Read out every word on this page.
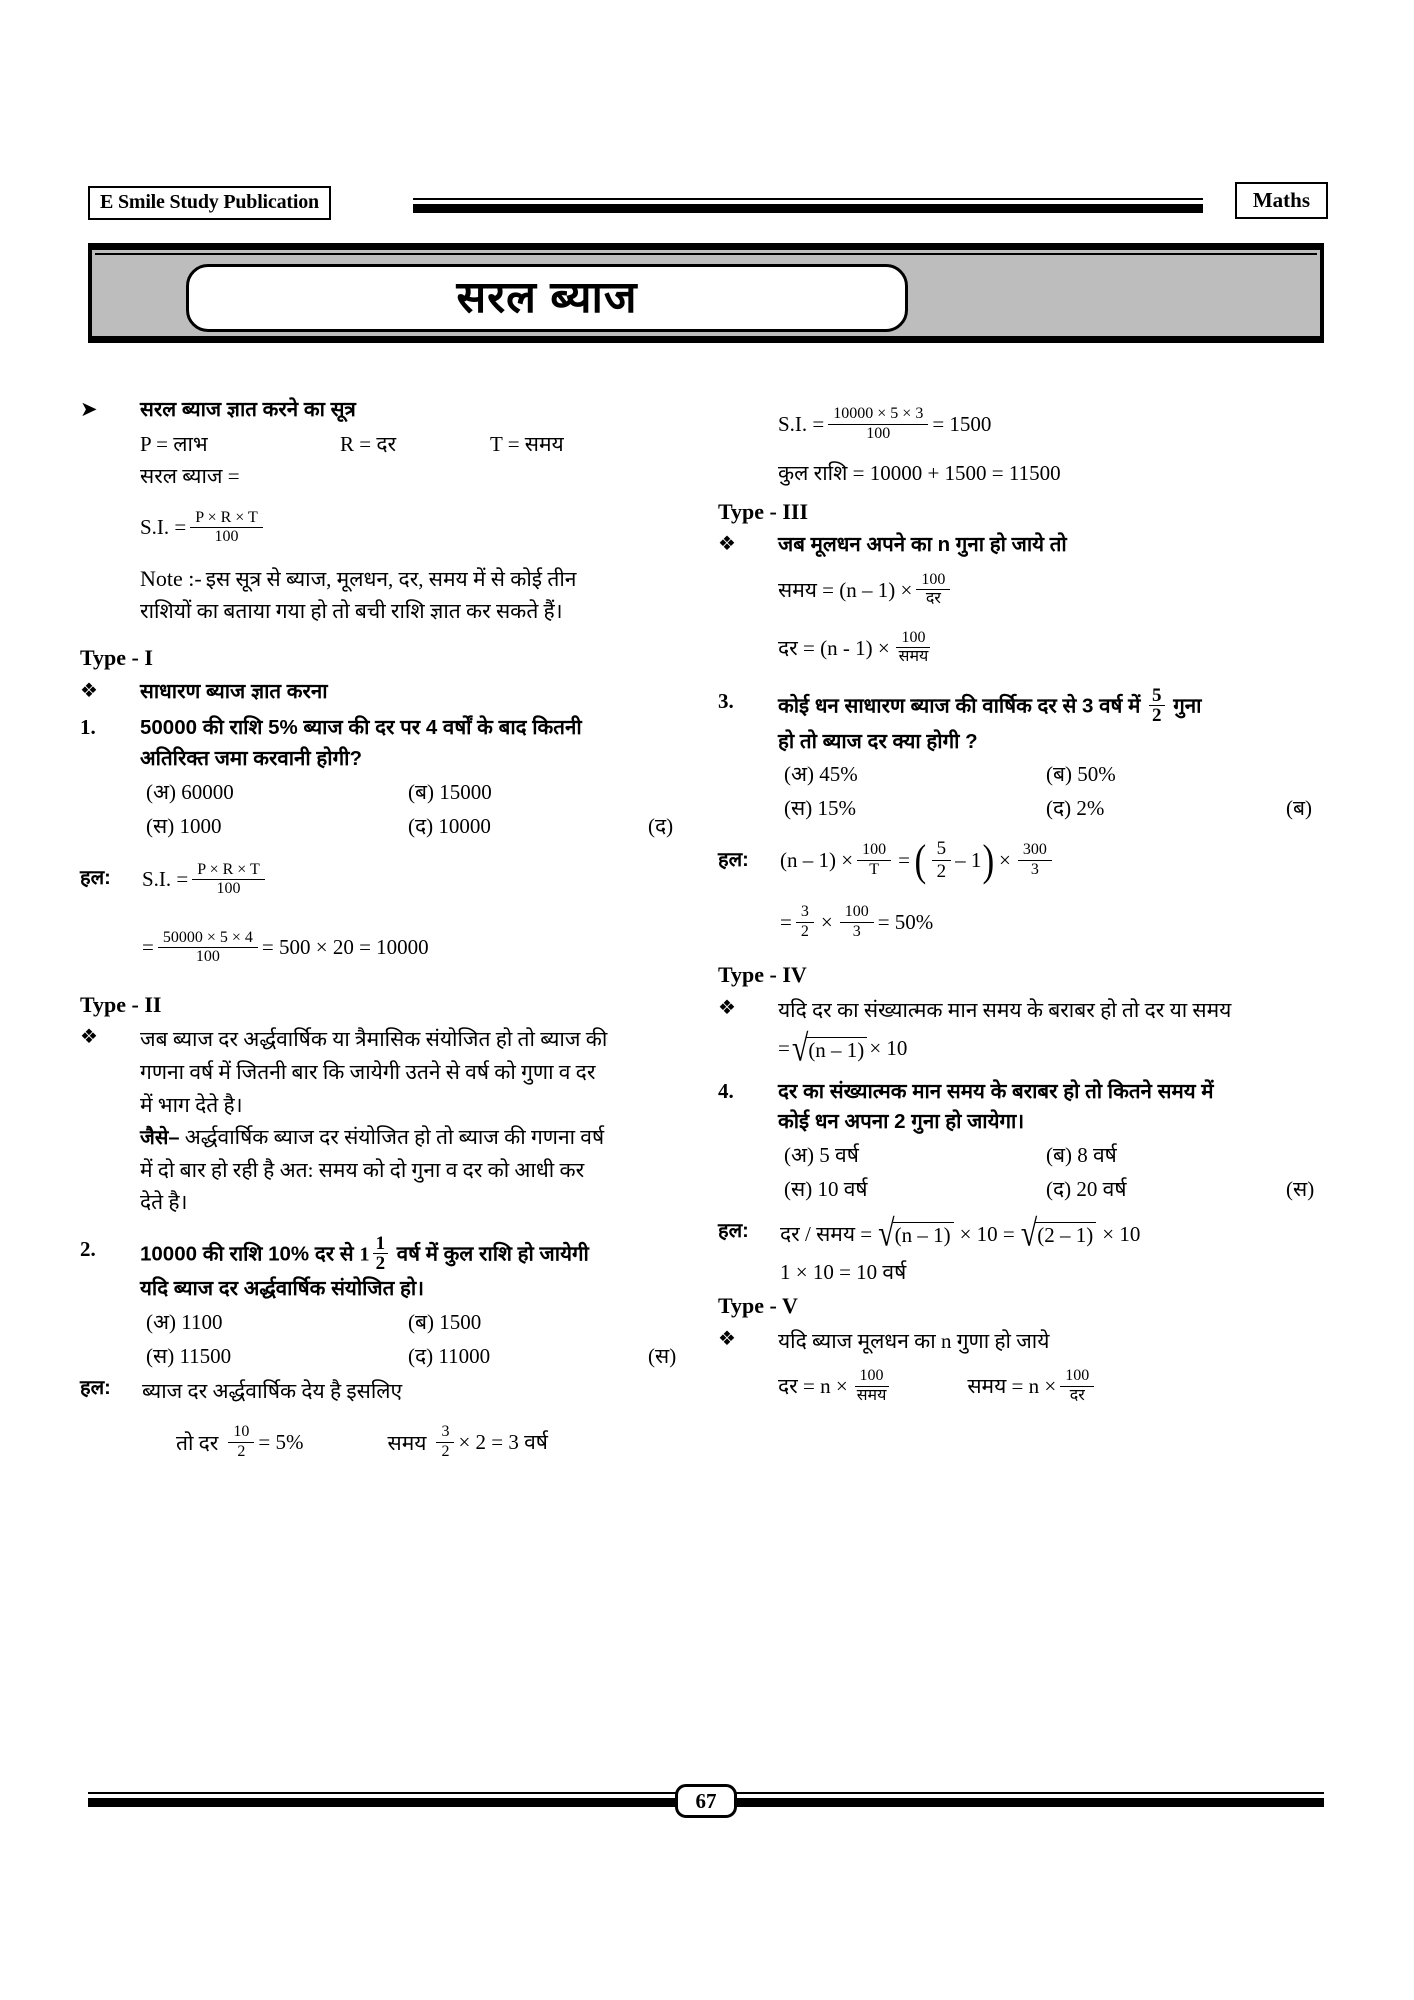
E Smile Study Publication	Maths
सरल ब्याज
➤	सरल ब्याज ज्ञात करने का सूत्र
P = लाभ	R = दर	T = समय
सरल ब्याज =
S.I. = $\frac{P \times R \times T}{100}$
Note :- इस सूत्र से ब्याज, मूलधन, दर, समय में से कोई तीन
राशियों का बताया गया हो तो बची राशि ज्ञात कर सकते हैं।
Type - I
❖	साधारण ब्याज ज्ञात करना
1.	50000 की राशि 5% ब्याज की दर पर 4 वर्षों के बाद कितनी
अतिरिक्त जमा करवानी होगी?
(अ) 60000	(ब) 15000
(स) 1000	(द) 10000	(द)
हल:	S.I. = $\frac{P \times R \times T}{100}$
= $\frac{50000 \times 5 \times 4}{100} = 500 \times 20 = 10000$
Type - II
❖	जब ब्याज दर अर्द्धवार्षिक या त्रैमासिक संयोजित हो तो ब्याज की
गणना वर्ष में जितनी बार कि जायेगी उतने से वर्ष को गुणा व दर
में भाग देते है।
जैसे– अर्द्धवार्षिक ब्याज दर संयोजित हो तो ब्याज की गणना वर्ष
में दो बार हो रही है अत: समय को दो गुना व दर को आधी कर
देते है।
2.	10000 की राशि 10% दर से $1 \frac{1}{2}$ वर्ष में कुल राशि हो जायेगी
यदि ब्याज दर अर्द्धवार्षिक संयोजित हो।
(अ) 1100	(ब) 1500
(स) 11500	(द) 11000	(स)
हल:	ब्याज दर अर्द्धवार्षिक देय है इसलिए
तो दर $\frac{10}{2} = 5\%$	समय $\frac{3}{2} \times 2 = 3$ वर्ष
S.I. = $\frac{10000 \times 5 \times 3}{100} = 1500$
कुल राशि = 10000 + 1500 = 11500
Type - III
❖	जब मूलधन अपने का n गुना हो जाये तो
समय = $(n - 1) \times \frac{100}{\text{दर}}$
दर = $(n - 1) \times \frac{100}{\text{समय}}$
3.	कोई धन साधारण ब्याज की वार्षिक दर से 3 वर्ष में $\frac{5}{2}$ गुना
हो तो ब्याज दर क्या होगी ?
(अ) 45%	(ब) 50%
(स) 15%	(द) 2%	(ब)
हल:	$(n - 1) \times \frac{100}{T}$ = ( $\frac{5}{2} - 1$ ) × $\frac{300}{3}$
= $\frac{3}{2} \times \frac{100}{3} = 50\%$
Type - IV
❖	यदि दर का संख्यात्मक मान समय के बराबर हो तो दर या समय
= √ (n – 1) × 10
4.	दर का संख्यात्मक मान समय के बराबर हो तो कितने समय में
कोई धन अपना 2 गुना हो जायेगा।
(अ) 5 वर्ष	(ब) 8 वर्ष
(स) 10 वर्ष	(द) 20 वर्ष	(स)
हल:	दर / समय = √ (n – 1) × 10 = √ (2 – 1) × 10
1 × 10 = 10 वर्ष
Type - V
❖	यदि ब्याज मूलधन का n गुणा हो जाये
दर = $n \times \frac{100}{\text{समय}}$	समय = $n \times \frac{100}{\text{दर}}$
67
